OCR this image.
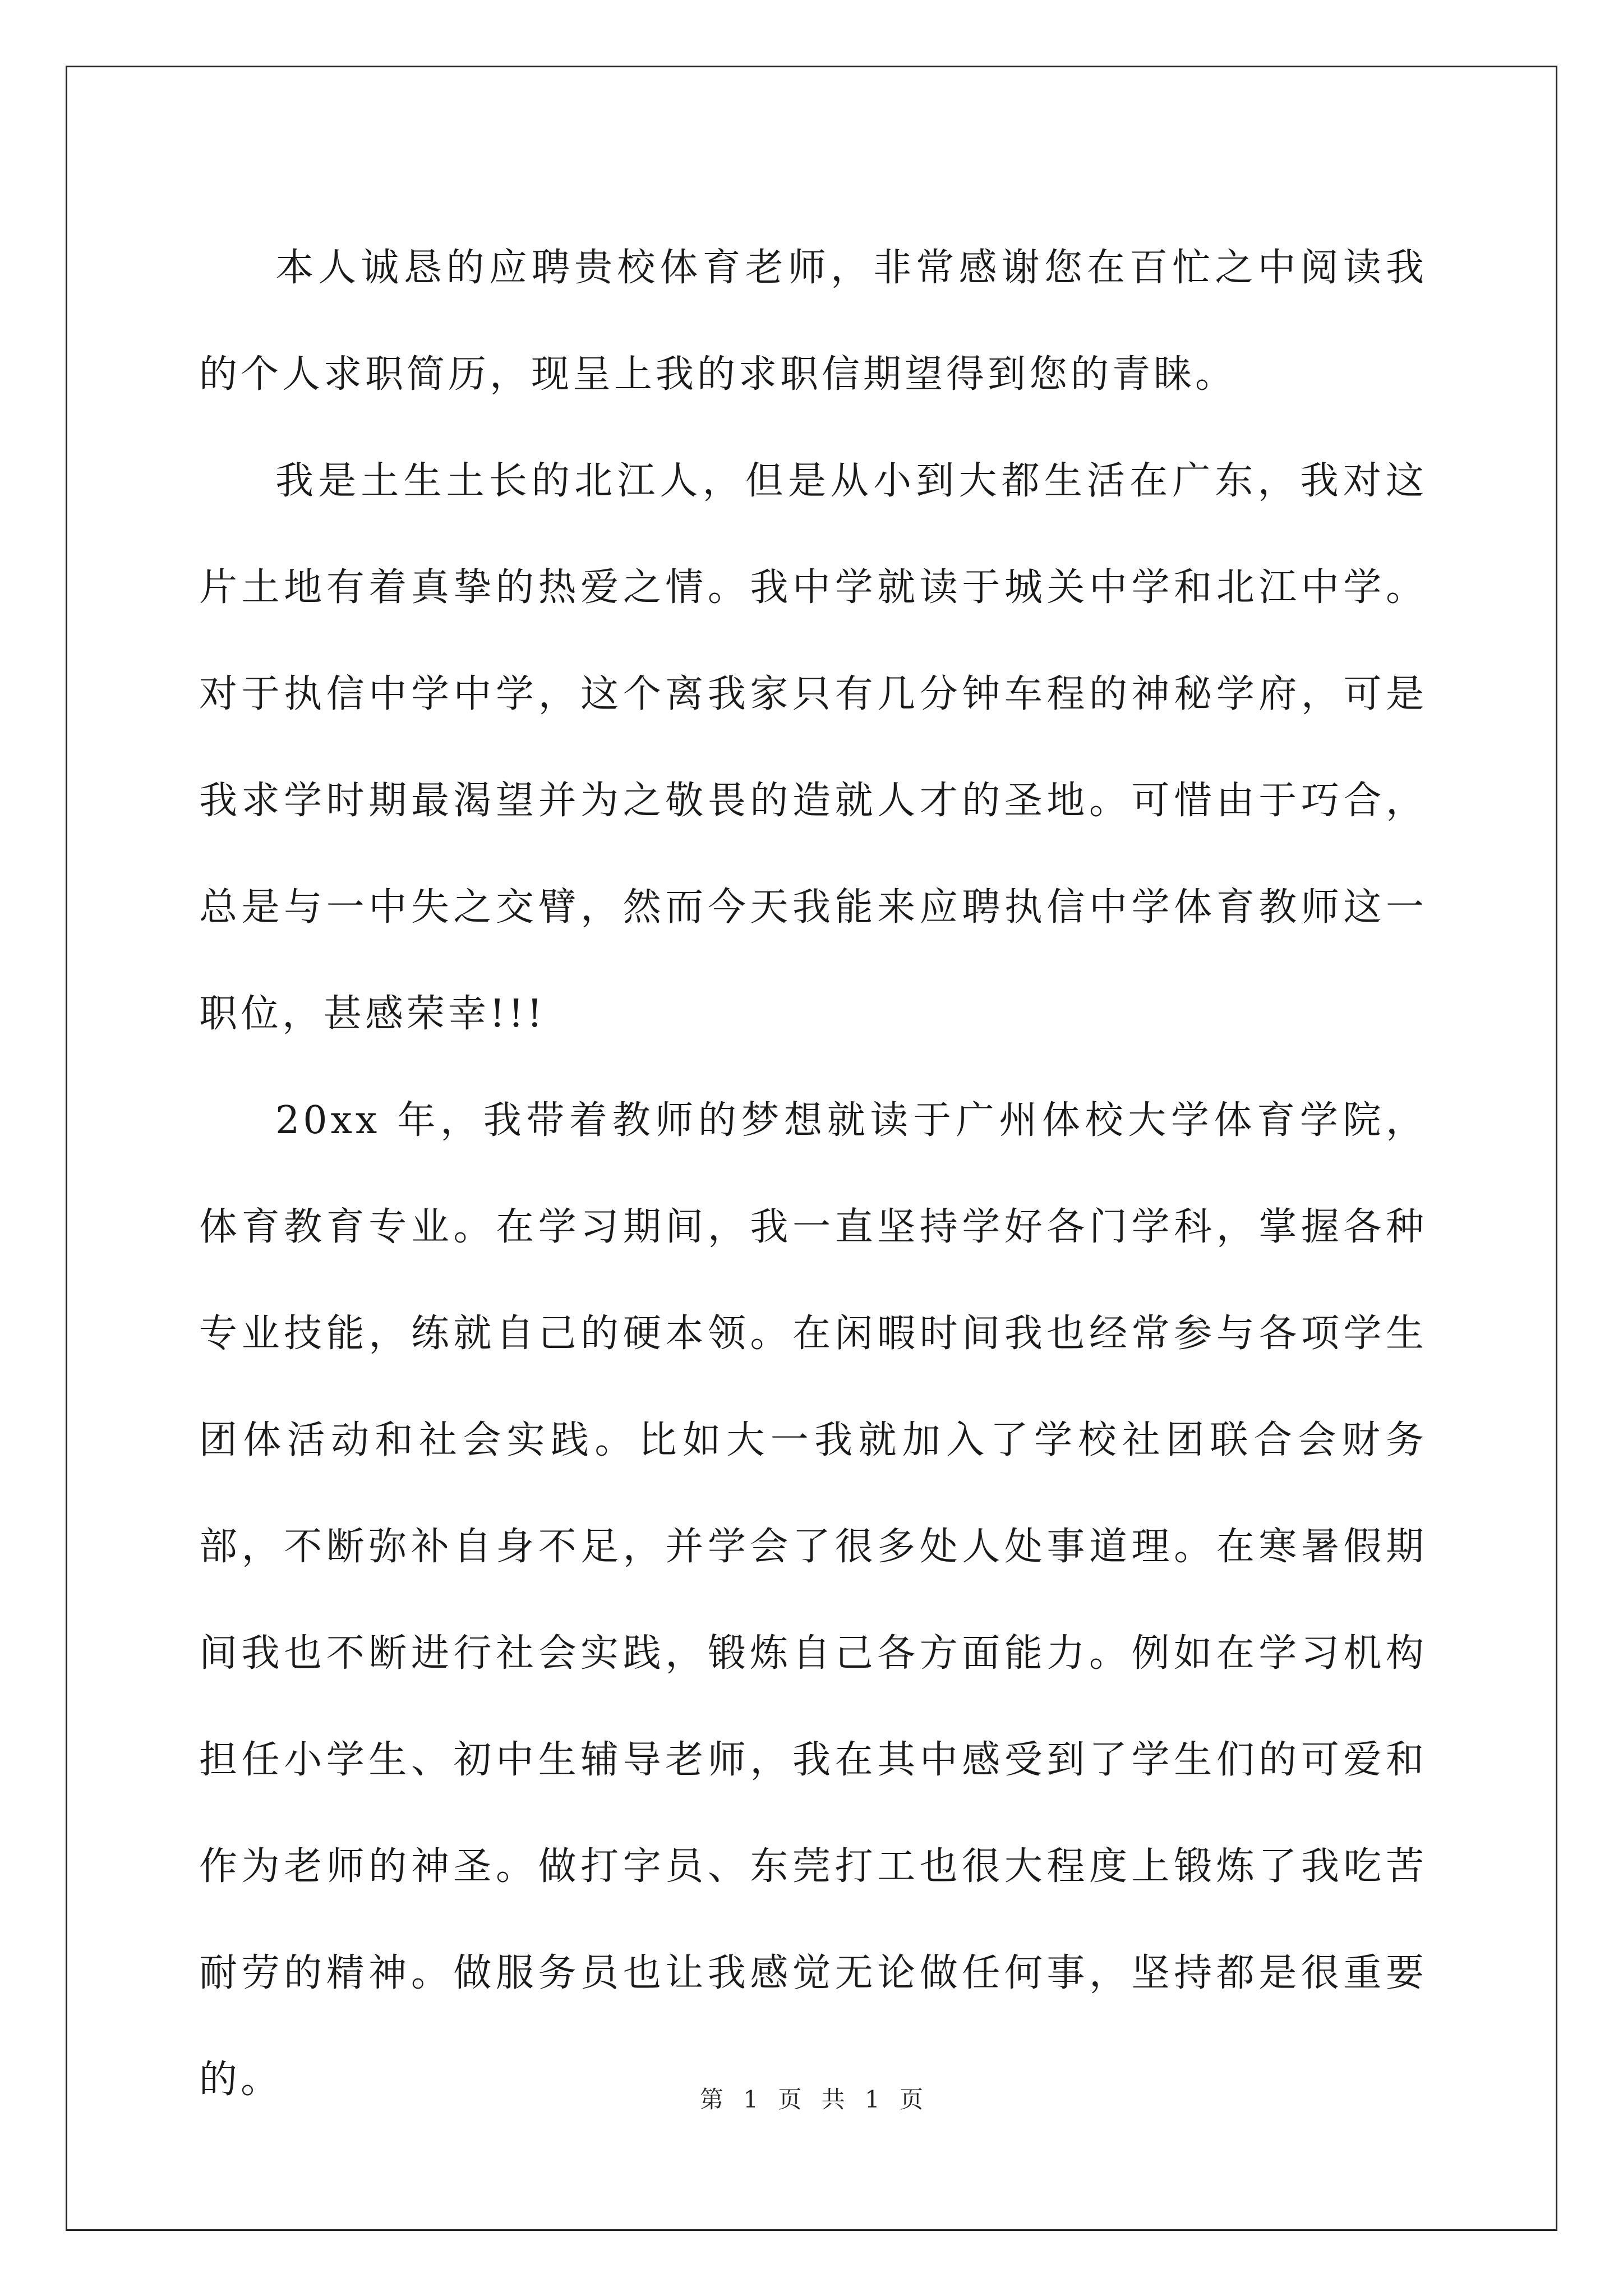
本人诚恳的应聘贵校体育老师，非常感谢您在百忙之中阅读我的个人求职简历，现呈上我的求职信期望得到您的青睐。

我是土生土长的北江人，但是从小到大都生活在广东，我对这片土地有着真挚的热爱之情。我中学就读于城关中学和北江中学。对于执信中学中学，这个离我家只有几分钟车程的神秘学府，可是我求学时期最渴望并为之敬畏的造就人才的圣地。可惜由于巧合，总是与一中失之交臂，然而今天我能来应聘执信中学体育教师这一职位，甚感荣幸!!!

20xx 年，我带着教师的梦想就读于广州体校大学体育学院，体育教育专业。在学习期间，我一直坚持学好各门学科，掌握各种专业技能，练就自己的硬本领。在闲暇时间我也经常参与各项学生团体活动和社会实践。比如大一我就加入了学校社团联合会财务部，不断弥补自身不足，并学会了很多处人处事道理。在寒暑假期间我也不断进行社会实践，锻炼自己各方面能力。例如在学习机构担任小学生、初中生辅导老师，我在其中感受到了学生们的可爱和作为老师的神圣。做打字员、东莞打工也很大程度上锻炼了我吃苦耐劳的精神。做服务员也让我感觉无论做任何事，坚持都是很重要的。	第 1 页 共 1 页
